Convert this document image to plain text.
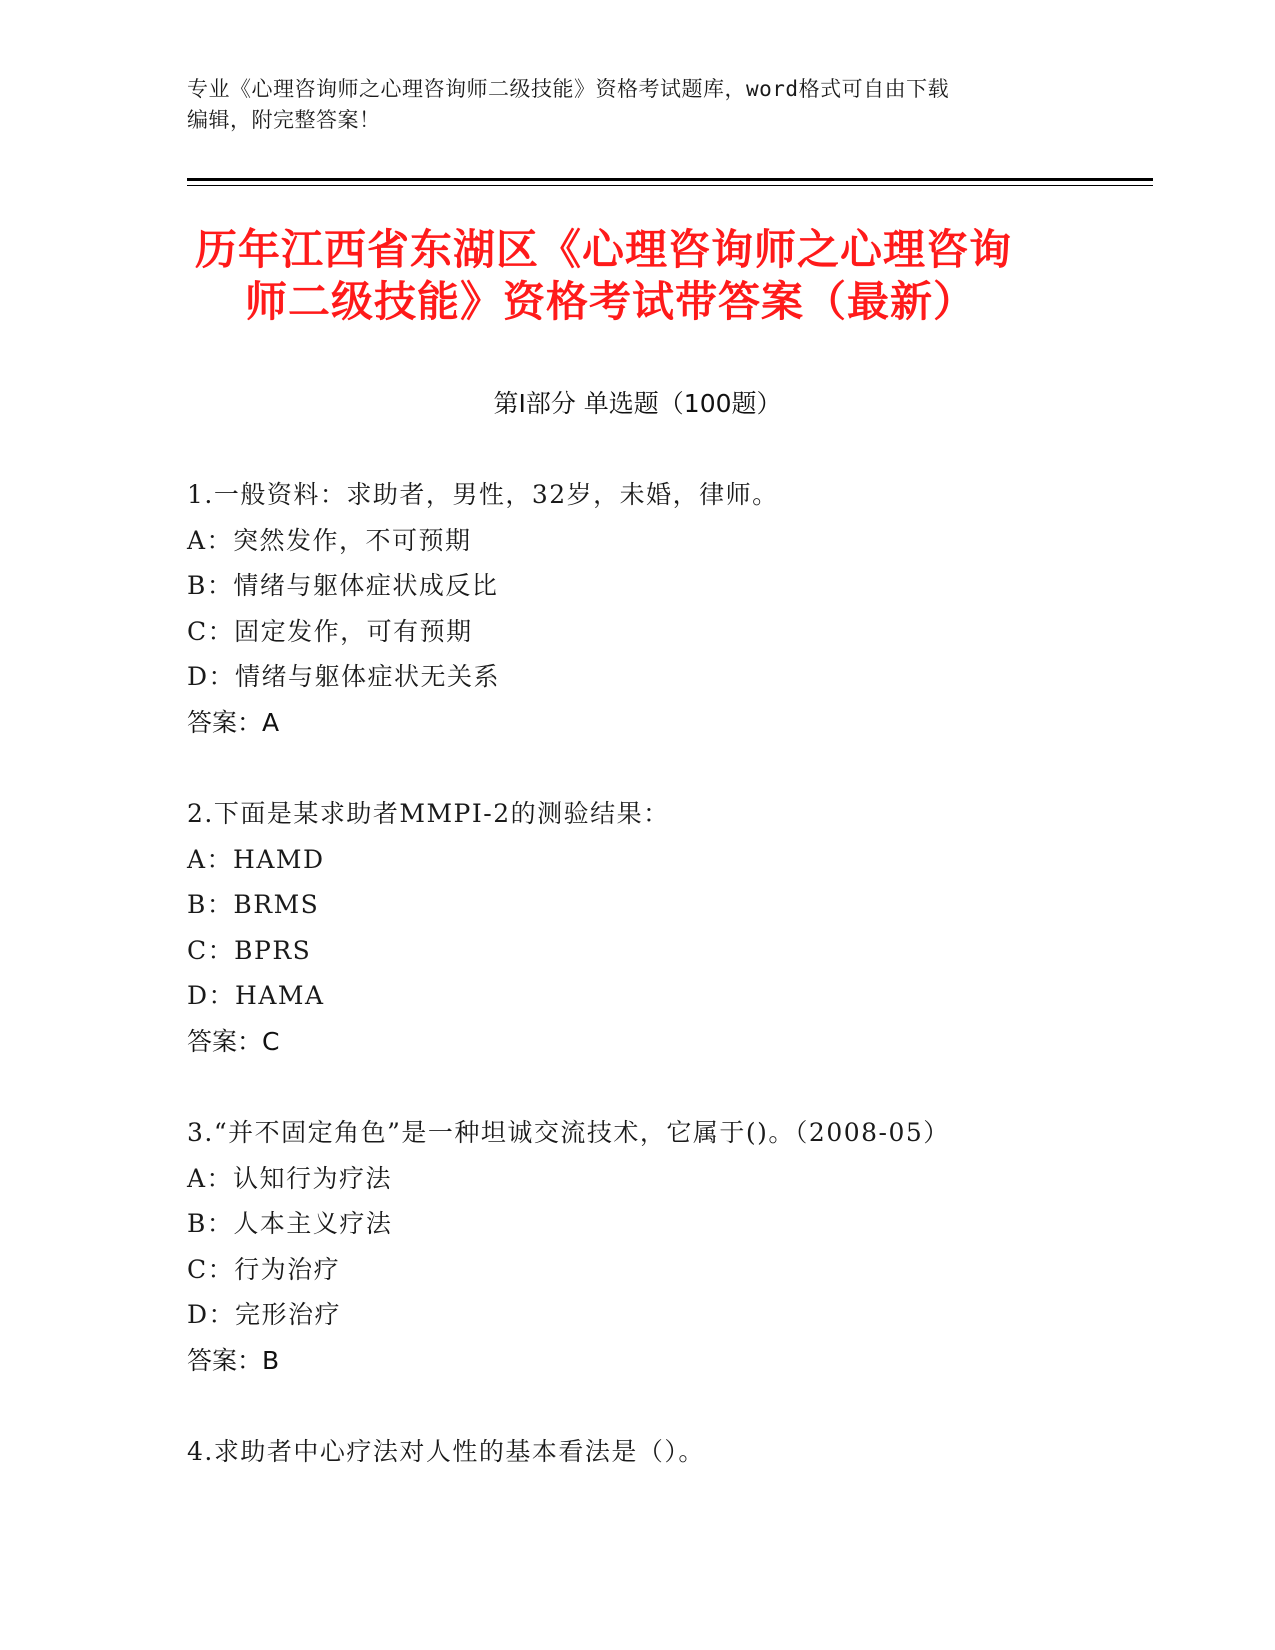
专业《心理咨询师之心理咨询师二级技能》资格考试题库，word格式可自由下载
编辑，附完整答案！
历年江西省东湖区《心理咨询师之心理咨询
师二级技能》资格考试带答案（最新）
第Ⅰ部分 单选题（100题）
1.一般资料：求助者，男性，32岁，未婚，律师。
A：突然发作，不可预期
B：情绪与躯体症状成反比
C：固定发作，可有预期
D：情绪与躯体症状无关系
答案：A
2.下面是某求助者MMPI-2的测验结果：
A：HAMD
B：BRMS
C：BPRS
D：HAMA
答案：C
3.“并不固定角色”是一种坦诚交流技术，它属于()。（2008-05）
A：认知行为疗法
B：人本主义疗法
C：行为治疗
D：完形治疗
答案：B
4.求助者中心疗法对人性的基本看法是（）。
